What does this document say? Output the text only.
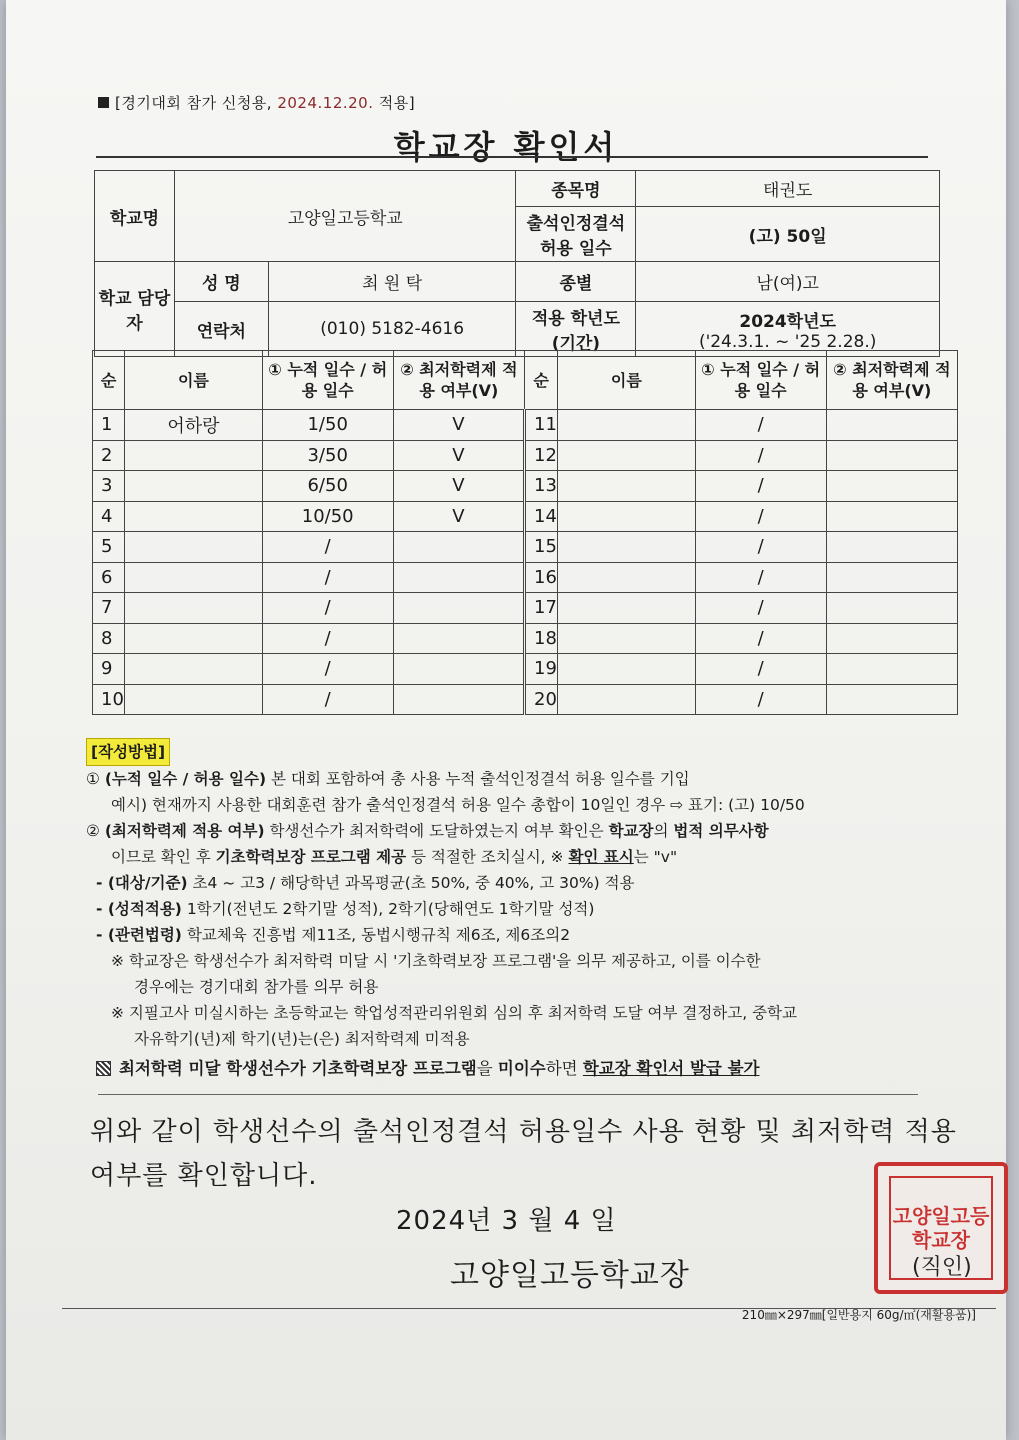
[경기대회 참가 신청용, 2024.12.20. 적용]
학교장 확인서
학교명	고양일고등학교		종목명	태권도
			출석인정결석 허용 일수	(고) 50일
학교 담당자	성 명	최 원 탁	종별	남(여)고
	연락처	(010) 5182-4616	적용 학년도 (기간)	2024학년도
('24.3.1. ~ '25 2.28.)
순	이름	① 누적 일수 / 허용 일수	② 최저학력제 적용 여부(V)	순	이름	① 누적 일수 / 허용 일수	② 최저학력제 적용 여부(V)
1	어하랑	1/50	V	11		/	
2		3/50	V	12		/	
3		6/50	V	13		/	
4		10/50	V	14		/	
5		/		15		/	
6		/		16		/	
7		/		17		/	
8		/		18		/	
9		/		19		/	
10		/		20		/	

[작성방법]

① (누적 일수 / 허용 일수) 본 대회 포함하여 총 사용 누적 출석인정결석 허용 일수를 기입

예시) 현재까지 사용한 대회훈련 참가 출석인정결석 허용 일수 총합이 10일인 경우 ⇨ 표기: (고) 10/50

② (최저학력제 적용 여부) 학생선수가 최저학력에 도달하였는지 여부 확인은 학교장의 법적 의무사항

이므로 확인 후 기초학력보장 프로그램 제공 등 적절한 조치실시, ※ 확인 표시는 "v"

- (대상/기준) 초4 ~ 고3 / 해당학년 과목평균(초 50%, 중 40%, 고 30%) 적용

- (성적적용) 1학기(전년도 2학기말 성적), 2학기(당해연도 1학기말 성적)

- (관련법령) 학교체육 진흥법 제11조, 동법시행규칙 제6조, 제6조의2

※ 학교장은 학생선수가 최저학력 미달 시 '기초학력보장 프로그램'을 의무 제공하고, 이를 이수한

경우에는 경기대회 참가를 의무 허용

※ 지필고사 미실시하는 초등학교는 학업성적관리위원회 심의 후 최저학력 도달 여부 결정하고, 중학교

자유학기(년)제 학기(년)는(은) 최저학력제 미적용

최저학력 미달 학생선수가 기초학력보장 프로그램을 미이수하면 학교장 확인서 발급 불가

위와 같이 학생선수의 출석인정결석 허용일수 사용 현황 및 최저학력 적용 여부를 확인합니다.
2024년 3 월 4 일
고양일고등학교장
고양일고등학교장
(직인)
210㎜×297㎜[일반용지 60g/㎡(재활용품)]
